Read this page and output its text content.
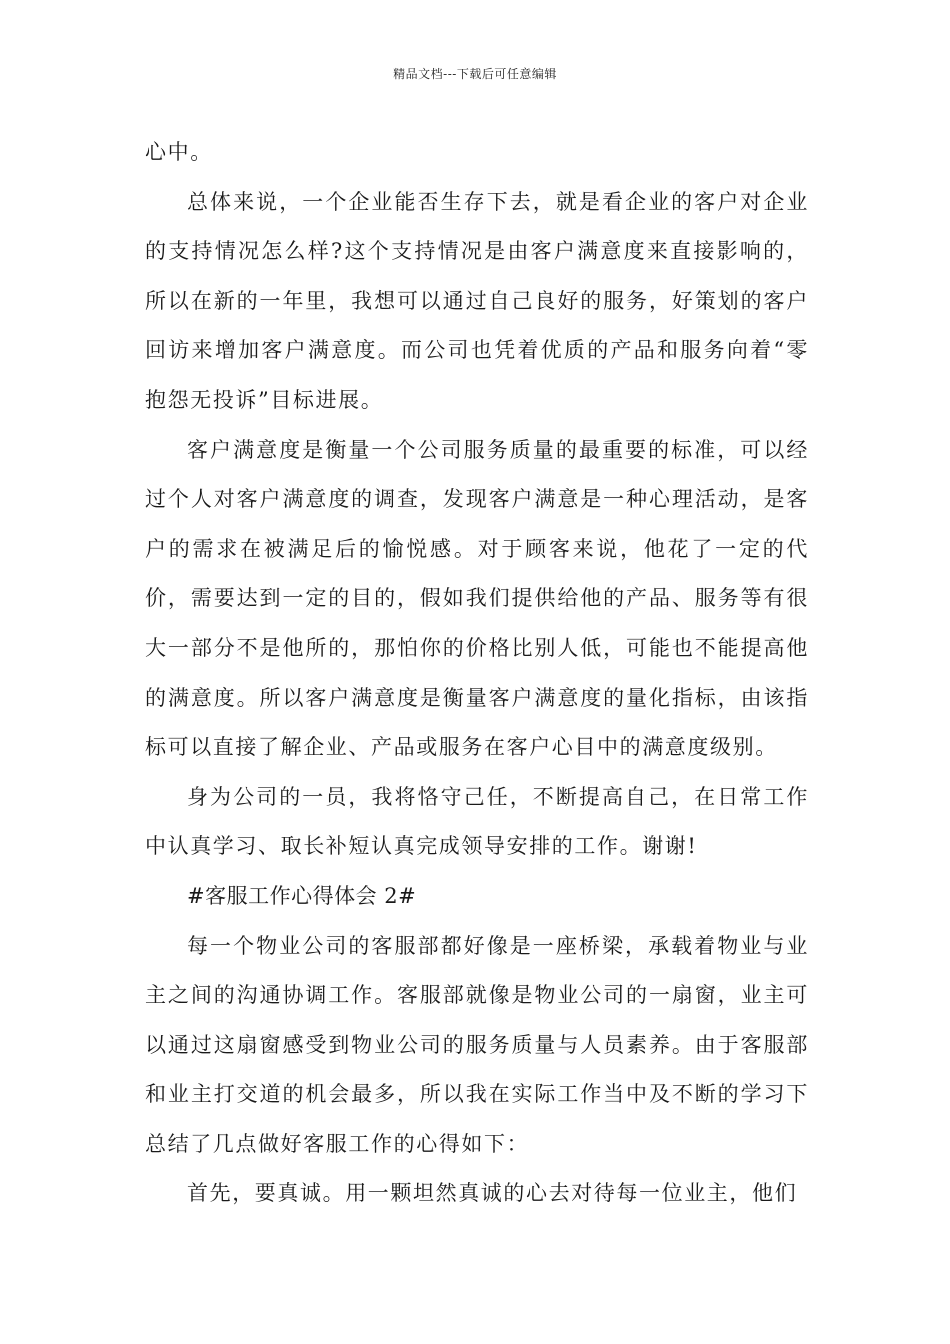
精品文档---下载后可任意编辑

心中。

总体来说，一个企业能否生存下去，就是看企业的客户对企业的支持情况怎么样?这个支持情况是由客户满意度来直接影响的，所以在新的一年里，我想可以通过自己良好的服务，好策划的客户回访来增加客户满意度。而公司也凭着优质的产品和服务向着“零抱怨无投诉”目标进展。

客户满意度是衡量一个公司服务质量的最重要的标准，可以经过个人对客户满意度的调查，发现客户满意是一种心理活动，是客户的需求在被满足后的愉悦感。对于顾客来说，他花了一定的代价，需要达到一定的目的，假如我们提供给他的产品、服务等有很大一部分不是他所的，那怕你的价格比别人低，可能也不能提高他的满意度。所以客户满意度是衡量客户满意度的量化指标，由该指标可以直接了解企业、产品或服务在客户心目中的满意度级别。

身为公司的一员，我将恪守己任，不断提高自己，在日常工作中认真学习、取长补短认真完成领导安排的工作。谢谢!

#客服工作心得体会 2#

每一个物业公司的客服部都好像是一座桥梁，承载着物业与业主之间的沟通协调工作。客服部就像是物业公司的一扇窗，业主可以通过这扇窗感受到物业公司的服务质量与人员素养。由于客服部和业主打交道的机会最多，所以我在实际工作当中及不断的学习下总结了几点做好客服工作的心得如下：

首先，要真诚。用一颗坦然真诚的心去对待每一位业主，他们
